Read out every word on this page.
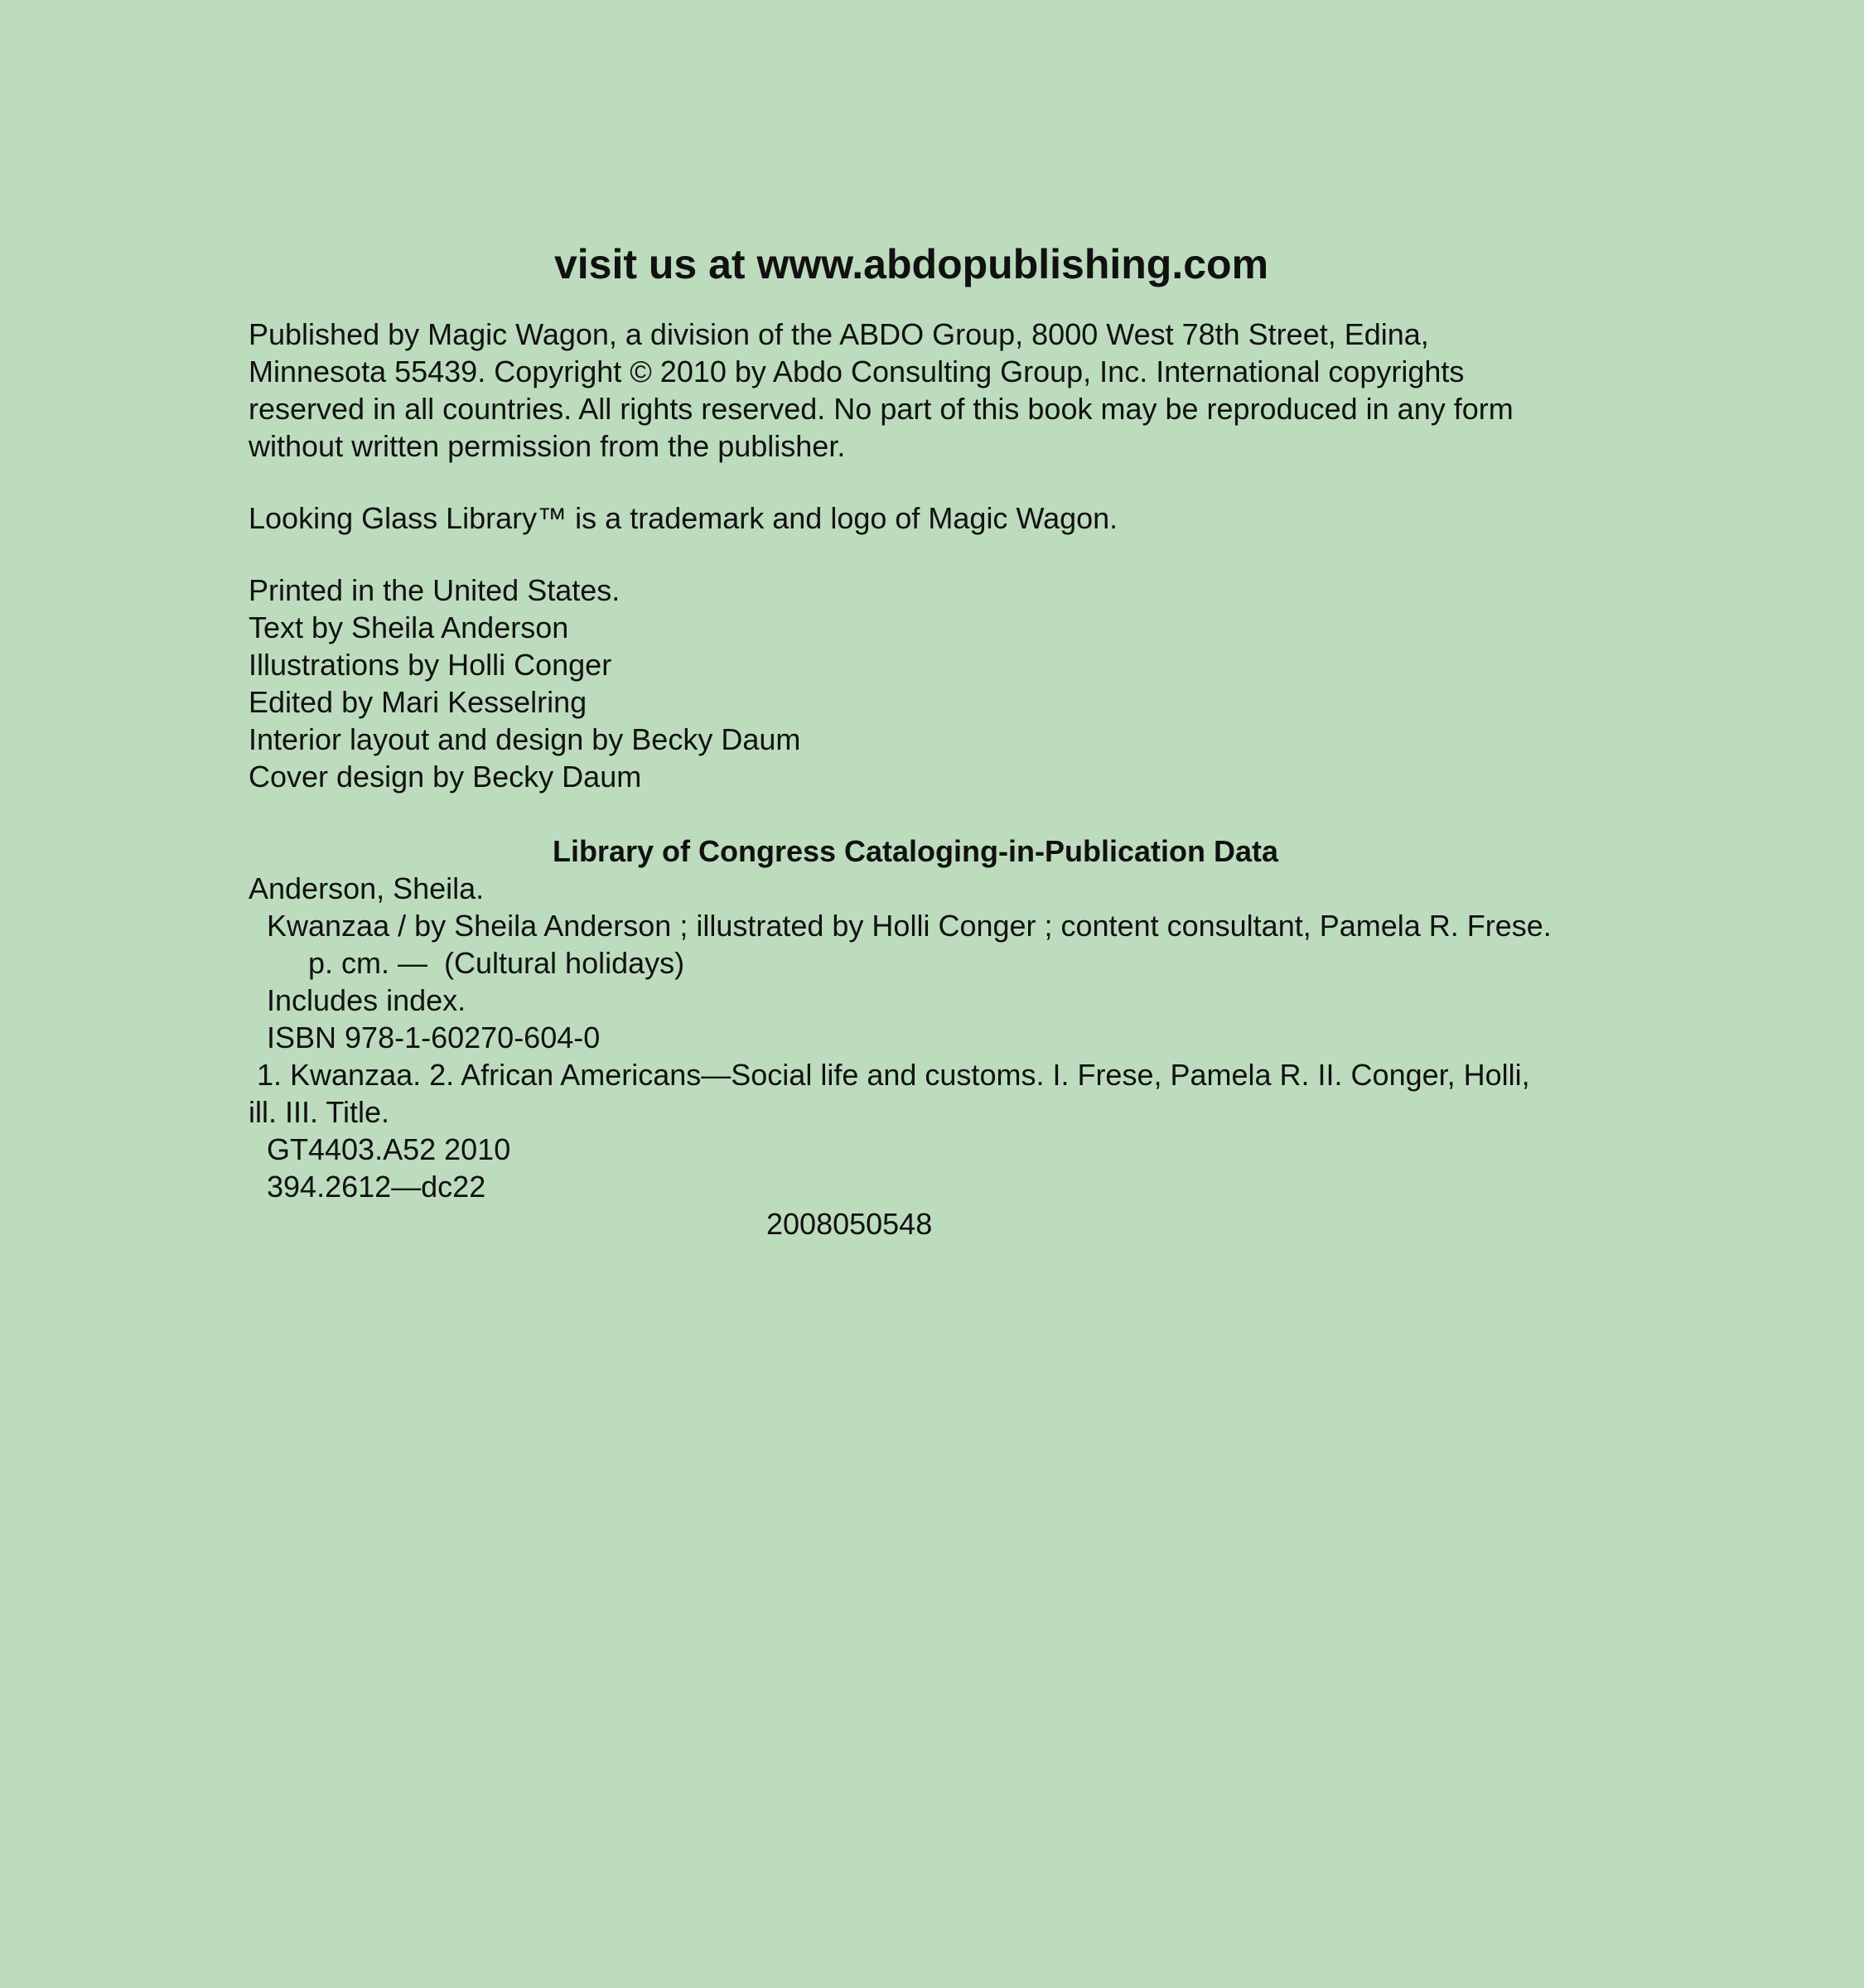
visit us at www.abdopublishing.com

Published by Magic Wagon, a division of the ABDO Group, 8000 West 78th Street, Edina, Minnesota 55439. Copyright © 2010 by Abdo Consulting Group, Inc. International copyrights reserved in all countries. All rights reserved. No part of this book may be reproduced in any form without written permission from the publisher.

Looking Glass Library™ is a trademark and logo of Magic Wagon.

Printed in the United States.

Text by Sheila Anderson
Illustrations by Holli Conger
Edited by Mari Kesselring
Interior layout and design by Becky Daum
Cover design by Becky Daum

Library of Congress Cataloging-in-Publication Data

Anderson, Sheila.

Kwanzaa / by Sheila Anderson ; illustrated by Holli Conger ; content consultant, Pamela R. Frese.

p. cm. —  (Cultural holidays)

Includes index.

ISBN 978-1-60270-604-0

1. Kwanzaa. 2. African Americans—Social life and customs. I. Frese, Pamela R. II. Conger, Holli, ill. III. Title.

GT4403.A52 2010

394.2612—dc22

2008050548
